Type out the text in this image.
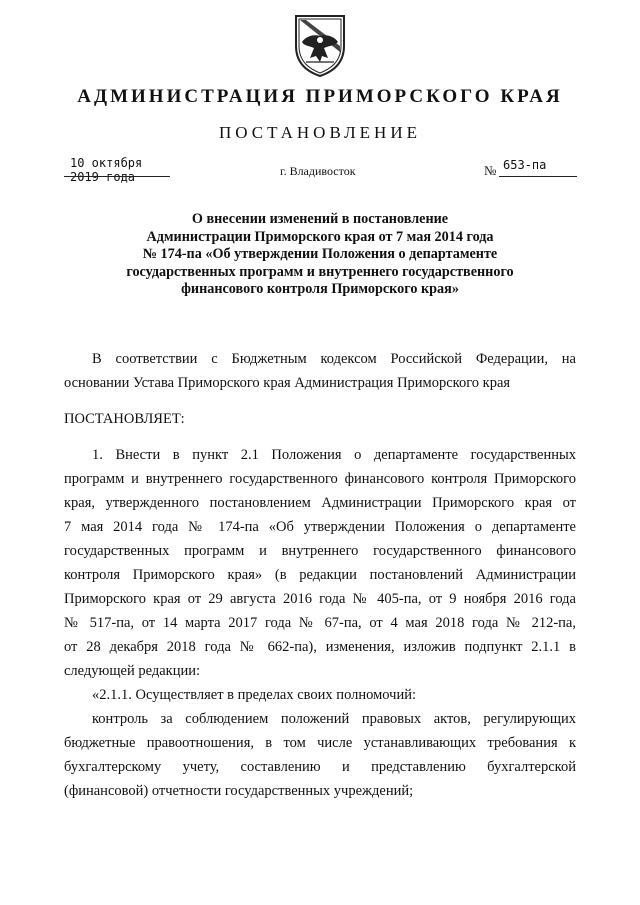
АДМИНИСТРАЦИЯ ПРИМОРСКОГО КРАЯ
ПОСТАНОВЛЕНИЕ
10 октября 2019 года	г. Владивосток	№ 653-па
О внесении изменений в постановление
Администрации Приморского края от 7 мая 2014 года
№ 174-па «Об утверждении Положения о департаменте
государственных программ и внутреннего государственного
финансового контроля Приморского края»
В соответствии с Бюджетным кодексом Российской Федерации, на
основании Устава Приморского края Администрация Приморского края
ПОСТАНОВЛЯЕТ:
1. Внести в пункт 2.1 Положения о департаменте государственных
программ и внутреннего государственного финансового контроля Приморского
края, утвержденного постановлением Администрации Приморского края от
7 мая 2014 года № 174-па «Об утверждении Положения о департаменте
государственных программ и внутреннего государственного финансового
контроля Приморского края» (в редакции постановлений Администрации
Приморского края от 29 августа 2016 года № 405-па, от 9 ноября 2016 года
№ 517-па, от 14 марта 2017 года № 67-па, от 4 мая 2018 года № 212-па,
от 28 декабря 2018 года № 662-па), изменения, изложив подпункт 2.1.1 в
следующей редакции:
«2.1.1. Осуществляет в пределах своих полномочий:
контроль за соблюдением положений правовых актов, регулирующих
бюджетные правоотношения, в том числе устанавливающих требования к
бухгалтерскому учету, составлению и представлению бухгалтерской
(финансовой) отчетности государственных учреждений;
